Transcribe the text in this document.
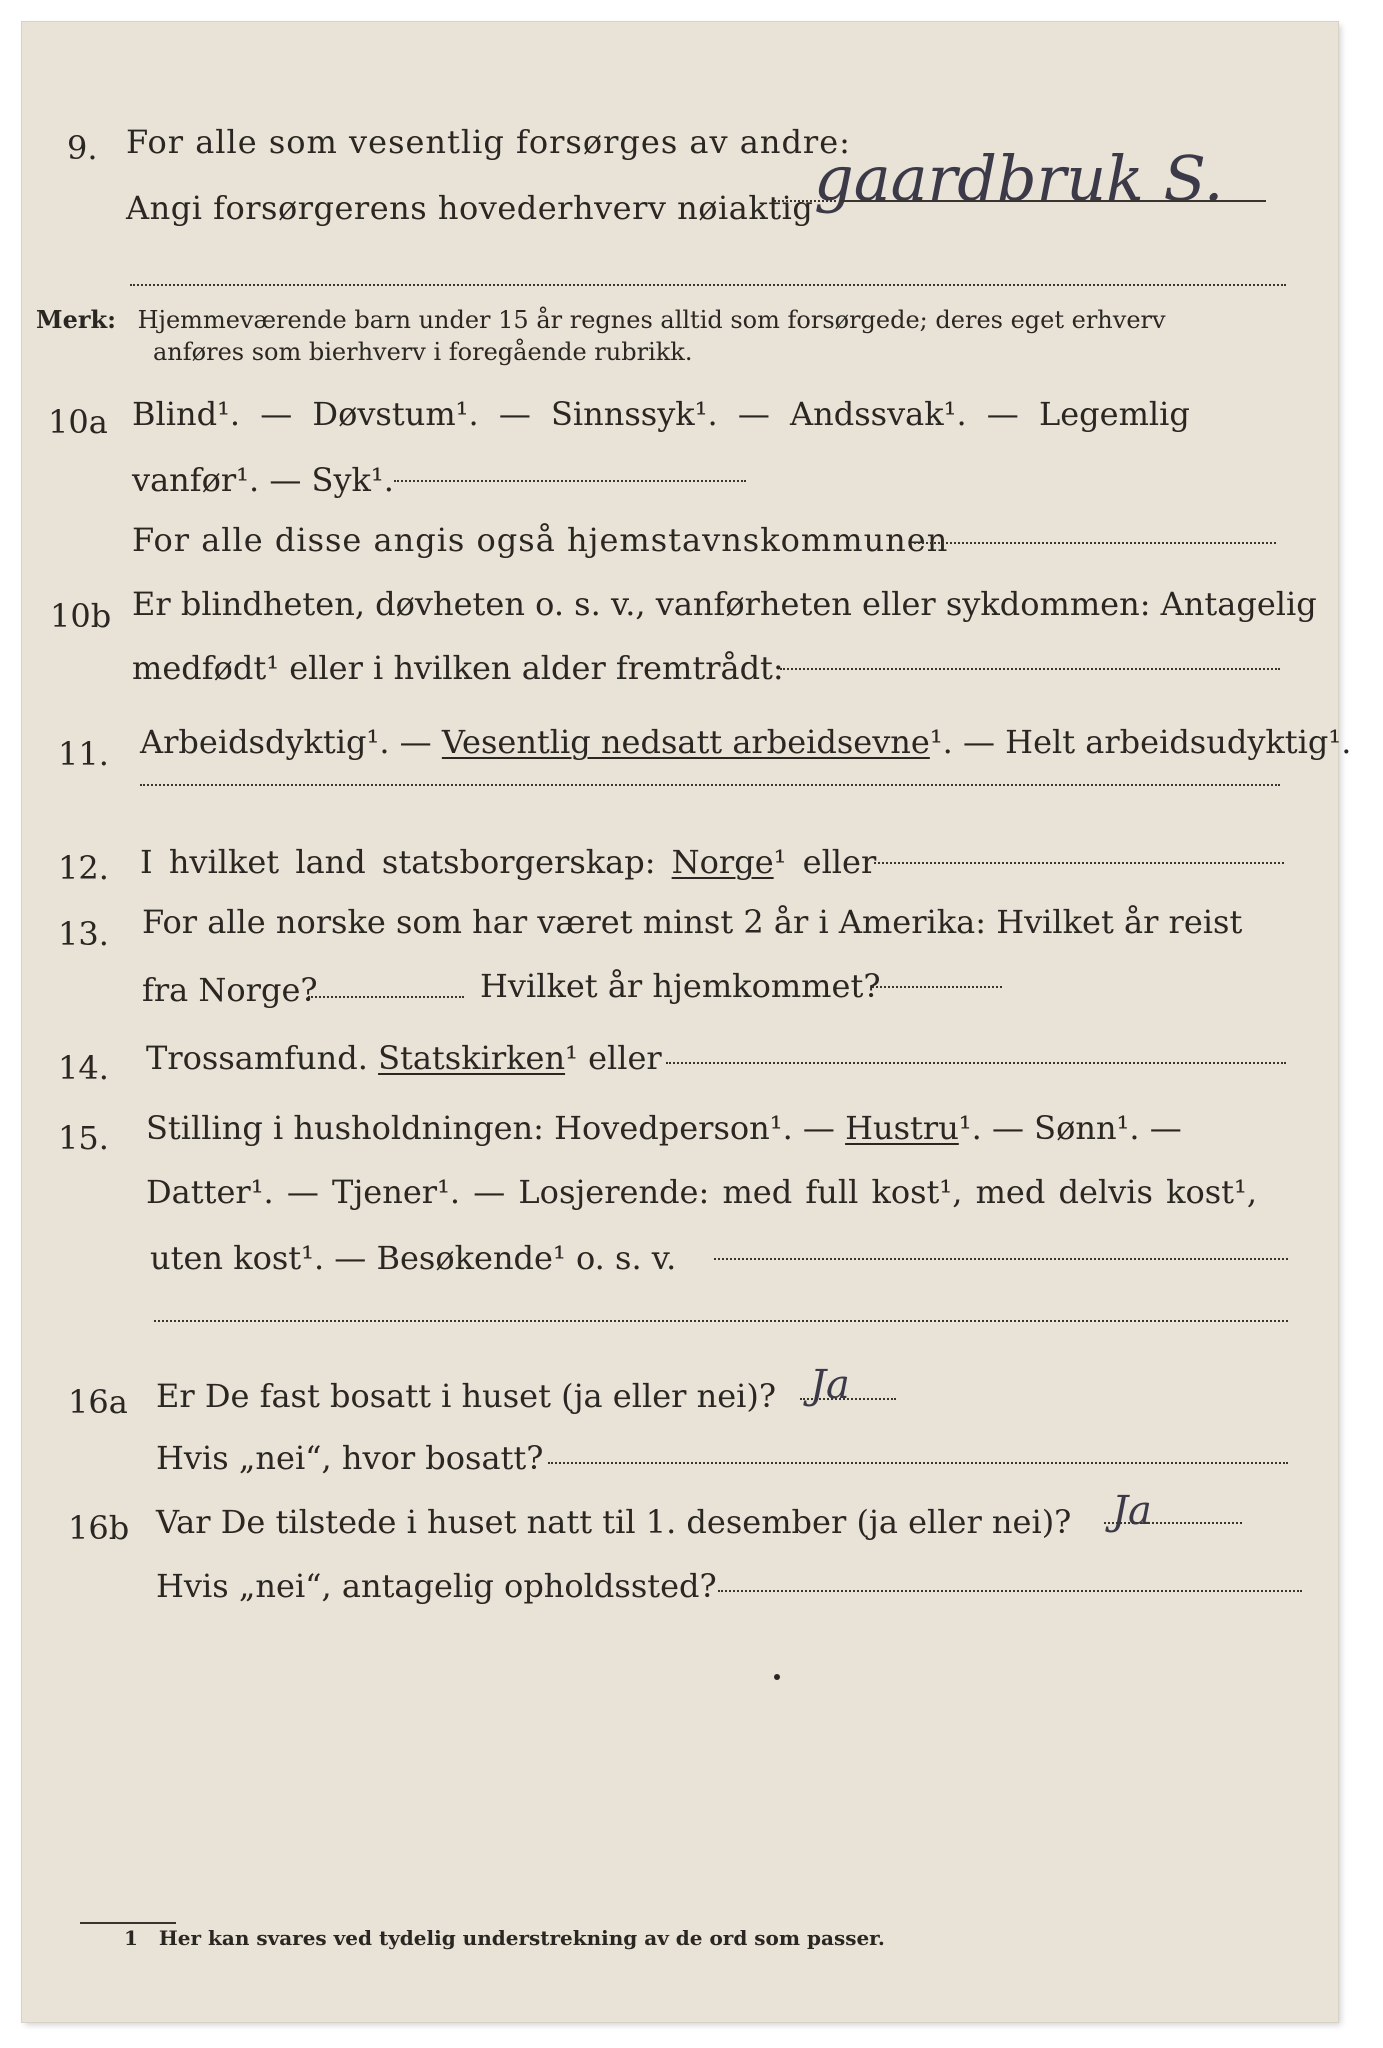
9. For alle som vesentlig forsørges av andre:
Angi forsørgerens hovederhverv nøiaktig gaardbruk S.
Merk: Hjemmeværende barn under 15 år regnes alltid som forsørgede; deres eget erhverv
anføres som bierhverv i foregående rubrikk.
10a Blind¹. — Døvstum¹. — Sinnssyk¹. — Andssvak¹. — Legemlig
vanfør¹. — Syk¹.
For alle disse angis også hjemstavnskommunen
10b Er blindheten, døvheten o. s. v., vanførheten eller sykdommen: Antagelig
medfødt¹ eller i hvilken alder fremtrådt:
11. Arbeidsdyktig¹. — Vesentlig nedsatt arbeidsevne¹. — Helt arbeidsudyktig¹.
12. I hvilket land statsborgerskap: Norge¹ eller
13. For alle norske som har været minst 2 år i Amerika: Hvilket år reist
fra Norge?	Hvilket år hjemkommet?
14. Trossamfund. Statskirken¹ eller
15. Stilling i husholdningen: Hovedperson¹. — Hustru¹. — Sønn¹. —
Datter¹. — Tjener¹. — Losjerende: med full kost¹, med delvis kost¹,
uten kost¹. — Besøkende¹ o. s. v.
16a Er De fast bosatt i huset (ja eller nei)? Ja
Hvis „nei“, hvor bosatt?
16b Var De tilstede i huset natt til 1. desember (ja eller nei)? Ja
Hvis „nei“, antagelig opholdssted?
1 Her kan svares ved tydelig understrekning av de ord som passer.
